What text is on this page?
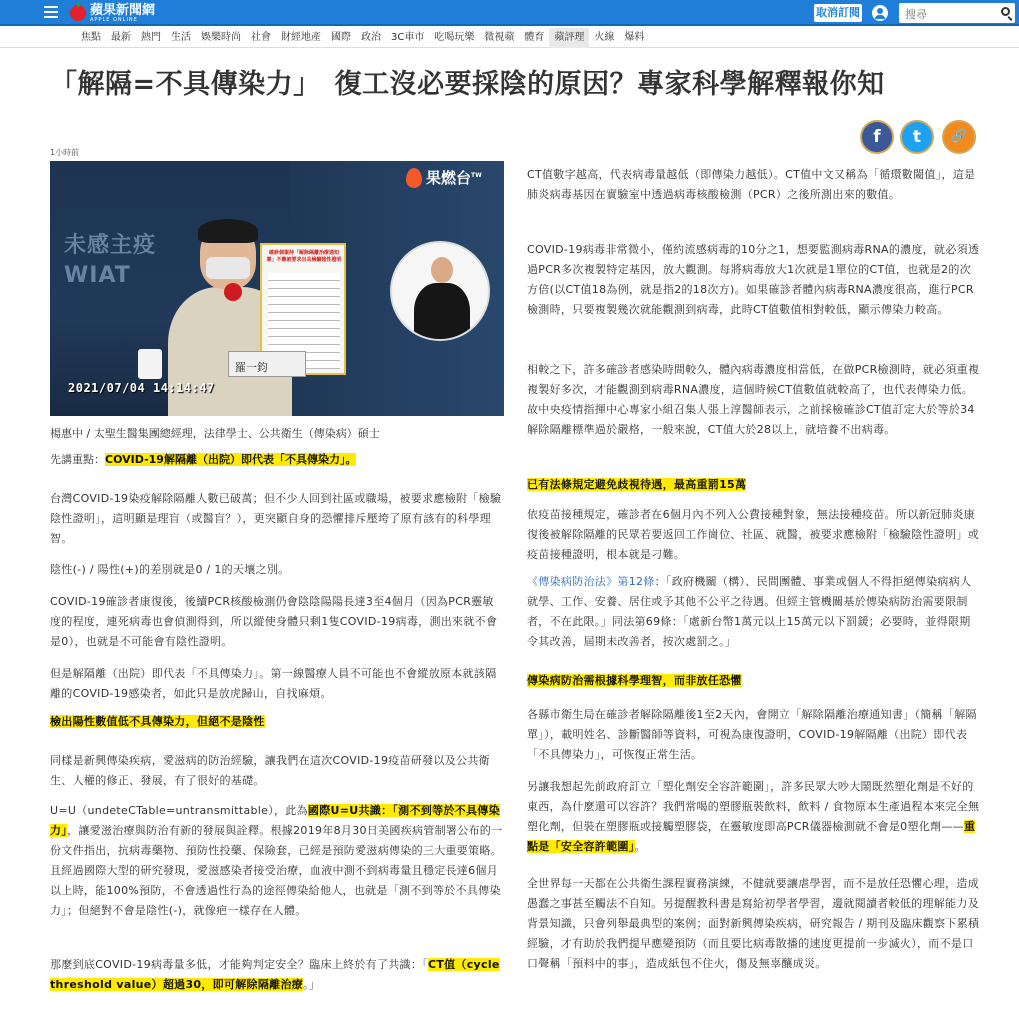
蘋果新聞網
APPLE ONLINE
取消訂閱
搜尋
焦點	最新	熱門	生活	娛樂時尚	社會	財經地產	國際	政治	3C車市	吃喝玩樂	微視蘋	體育	蘋評理	火線	爆料
「解隔=不具傳染力」　復工沒必要採陰的原因？專家科學解釋報你知
f	t	🔗
1小時前
未感主疫
WIAT
確診個案持「解除隔離治療通知書」不應被要求出具檢驗陰性證明
羅一鈞
果燃台$^{TW}$
2021/07/04 14:14:47
楊惠中 / 太聖生醫集團總經理，法律學士、公共衛生（傳染病）碩士
先講重點：COVID-19解隔離（出院）即代表「不具傳染力」。

台灣COVID-19染疫解除隔離人數已破萬；但不少人回到社區或職場，被要求應檢附「檢驗陰性證明」，這明顯是理盲（或醫盲？），更突顯自身的恐懼排斥壓垮了原有該有的科學理智。

陰性(-) / 陽性(+)的差別就是0 / 1的天壤之別。

COVID-19確診者康復後，後續PCR核酸檢測仍會陰陰陽陽長達3至4個月（因為PCR靈敏度的程度，連死病毒也會偵測得到，所以縱使身體只剩1隻COVID-19病毒，測出來就不會是0），也就是不可能會有陰性證明。

但是解隔離（出院）即代表「不具傳染力」。第一線醫療人員不可能也不會縱放原本就該隔離的COVID-19感染者，如此只是放虎歸山，自找麻煩。

檢出陽性數值低不具傳染力，但絕不是陰性

同樣是新興傳染疾病，愛滋病的防治經驗，讓我們在這次COVID-19疫苗研發以及公共衛生、人權的修正、發展，有了很好的基礎。

U=U（undeteCTable=untransmittable），此為國際U=U共識：「測不到等於不具傳染力」，讓愛滋治療與防治有新的發展與詮釋。根據2019年8月30日美國疾病管制署公布的一份文件指出，抗病毒藥物、預防性投藥、保險套，已經是預防愛滋病傳染的三大重要策略。且經過國際大型的研究發現，愛滋感染者接受治療，血液中測不到病毒量且穩定長達6個月以上時，能100%預防，不會透過性行為的途徑傳染給他人，也就是「測不到等於不具傳染力」；但絕對不會是陰性(-)，就像疤一樣存在人體。

那麼到底COVID-19病毒量多低，才能夠判定安全？臨床上終於有了共識：「CT值（cycle threshold value）超過30，即可解除隔離治療。」

CT值數字越高，代表病毒量越低（即傳染力越低）。CT值中文又稱為「循環數閾值」，這是肺炎病毒基因在實驗室中透過病毒核酸檢測（PCR）之後所測出來的數值。

COVID-19病毒非常微小，僅約流感病毒的10分之1，想要監測病毒RNA的濃度，就必須透過PCR多次複製特定基因，放大觀測。每將病毒放大1次就是1單位的CT值，也就是2的次方倍(以CT值18為例，就是指2的18次方)。如果確診者體內病毒RNA濃度很高，進行PCR檢測時，只要複製幾次就能觀測到病毒，此時CT值數值相對較低，顯示傳染力較高。

相較之下，許多確診者感染時間較久，體內病毒濃度相當低，在做PCR檢測時，就必須重複複製好多次，才能觀測到病毒RNA濃度，這個時候CT值數值就較高了，也代表傳染力低。故中央疫情指揮中心專家小組召集人張上淳醫師表示，之前採檢確診CT值訂定大於等於34解除隔離標準過於嚴格，一般來說，CT值大於28以上，就培養不出病毒。

已有法條規定避免歧視待遇，最高重罰15萬

依疫苗接種規定，確診者在6個月內不列入公費接種對象，無法接種疫苗。所以新冠肺炎康復後被解除隔離的民眾若要返回工作崗位、社區、就醫，被要求應檢附「檢驗陰性證明」或疫苗接種證明，根本就是刁難。

《傳染病防治法》第12條：「政府機關（構）、民間團體、事業或個人不得拒絕傳染病病人就學、工作、安養、居住或予其他不公平之待遇。但經主管機關基於傳染病防治需要限制者，不在此限。」同法第69條：「處新台幣1萬元以上15萬元以下罰鍰；必要時，並得限期令其改善，屆期未改善者，按次處罰之。」

傳染病防治需根據科學理智，而非放任恐懼

各縣市衛生局在確診者解除隔離後1至2天內，會開立「解除隔離治療通知書」（簡稱「解隔單」），載明姓名、診斷醫師等資料，可視為康復證明，COVID-19解隔離（出院）即代表「不具傳染力」，可恢復正常生活。

另讓我想起先前政府訂立「塑化劑安全容許範圍」，許多民眾大吵大鬧既然塑化劑是不好的東西，為什麼還可以容許？我們常喝的塑膠瓶裝飲料，飲料 / 食物原本生產過程本來完全無塑化劑，但裝在塑膠瓶或接觸塑膠袋，在靈敏度即高PCR儀器檢測就不會是0塑化劑——重點是「安全容許範圍」。

全世界每一天都在公共衛生課程實務演練，不健就要讓虐學習，而不是放任恐懼心理，造成愚蠢之事甚至觸法不自知。另提醒教科書是寫給初學者學習，邊就閱讀者較低的理解能力及背景知識，只會列舉最典型的案例；面對新興傳染疾病，研究報告 / 期刊及臨床觀察下累積經驗，才有助於我們提早應變預防（而且要比病毒散播的速度更提前一步滅火），而不是口口聲稱「預料中的事」，造成紙包不住火，傷及無辜釀成災。
